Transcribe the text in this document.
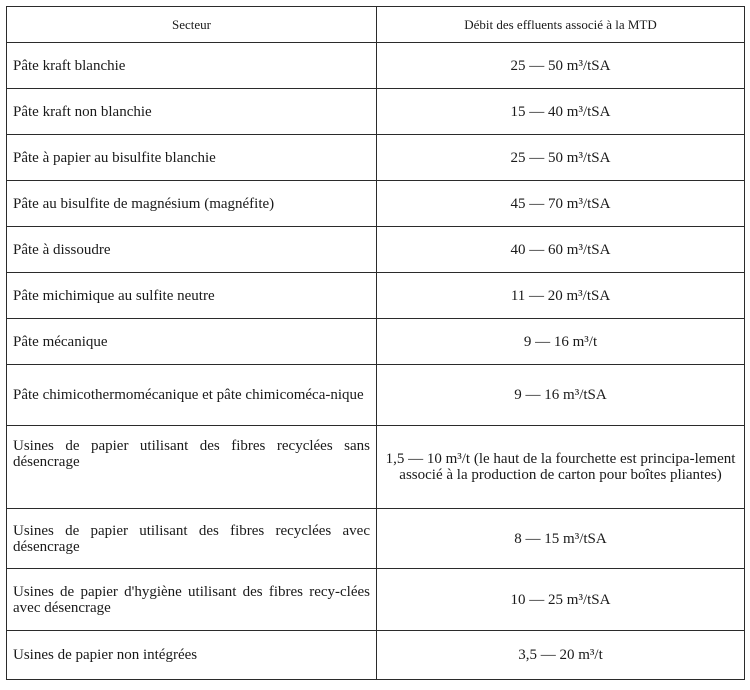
Secteur	Débit des effluents associé à la MTD
Pâte kraft blanchie	25 — 50 m³/tSA
Pâte kraft non blanchie	15 — 40 m³/tSA
Pâte à papier au bisulfite blanchie	25 — 50 m³/tSA
Pâte au bisulfite de magnésium (magnéfite)	45 — 70 m³/tSA
Pâte à dissoudre	40 — 60 m³/tSA
Pâte michimique au sulfite neutre	11 — 20 m³/tSA
Pâte mécanique	9 — 16 m³/t
Pâte chimicothermomécanique et pâte chimicoméca-nique	9 — 16 m³/tSA
Usines de papier utilisant des fibres recyclées sans désencrage	1,5 — 10 m³/t (le haut de la fourchette est principa-lement associé à la production de carton pour boîtes pliantes)
Usines de papier utilisant des fibres recyclées avec désencrage	8 — 15 m³/tSA
Usines de papier d'hygiène utilisant des fibres recy-clées avec désencrage	10 — 25 m³/tSA
Usines de papier non intégrées	3,5 — 20 m³/t
